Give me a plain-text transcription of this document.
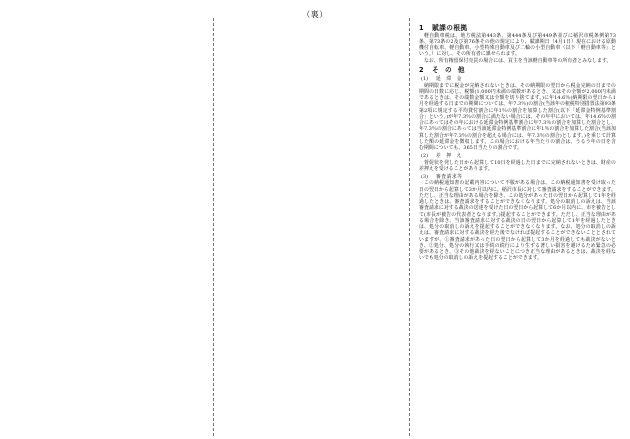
（裏）
1 賦課の根拠

軽自動車税は、地方税法第443条、第444条及び第449条並びに稲沢市税条例第73条、第73条の2及び第76条その他の規定により、賦課期日（4月1日）現在における原動機付自転車、軽自動車、小型特殊自動車及び二輪の小型自動車（以下「軽自動車等」という。）に対し、その所有者に課せられます。

なお、所有権留保付売買の場合には、買主を当該軽自動車等の所有者とみなします。

2 そ の 他
(1) 延 滞 金

納期限までに税金が完納されないときは、その納期限の翌日から税金完納の日までの期間の日数に応じ、税額(1,000円未満の端数があるとき、又はその全額が2,000円未満であるときは、その端数金額又は全額を切り捨てます。)に年14.6％(納期限の翌日から1月を経過する日までの期間については、年7.3％)の割合(当該年の租税特別措置法第93条第2項に規定する平均貸付割合に年1％の割合を加算した割合(以下「延滞金特例基準割合」という。)が年7.3％の割合に満たない場合には、その年中においては、年14.6％の割合にあってはその年における延滞金特例基準割合に年7.3％の割合を加算した割合とし、年7.3％の割合にあっては当該延滞金特例基準割合に年1％の割合を加算した割合(当該加算した割合が年7.3％の割合を超える場合には、年7.3％の割合)とします。)を乗じて計算した額の延滞金を徴収します。この場合における年当たりの割合は、うるう年の日を含む期間についても、365日当たりの割合です。

(2) 差 押 え

督促状を発した日から起算して10日を経過した日までに完納されないときは、財産の差押えを受けることがあります。

(3) 審査請求等

この納税通知書の記載内容について不服がある場合は、この納税通知書を受け取った日の翌日から起算して3か月以内に、稲沢市長に対して審査請求をすることができます。ただし、正当な理由がある場合を除き、この処分があった日の翌日から起算して1年を経過したときは、審査請求をすることができなくなります。処分の取消しの訴えは、当該審査請求に対する裁決の送達を受けた日の翌日から起算して6か月以内に、市を被告として(市長が被告の代表者となります。)提起することができます。ただし、正当な理由がある場合を除き、当該審査請求に対する裁決の日の翌日から起算して1年を経過したときは、処分の取消しの訴えを提起することができなくなります。なお、処分の取消しの訴えは、審査請求に対する裁決を経た後でなければ提起することができないこととされていますが、①審査請求があった日の翌日から起算して3か月を経過しても裁決がないとき、②処分、処分の執行又は手続の続行により生ずる著しい損害を避けるため緊急の必要があるとき、③その他裁決を経ないことにつき正当な理由があるときは、裁決を経ないでも処分の取消しの訴えを提起することができます。
